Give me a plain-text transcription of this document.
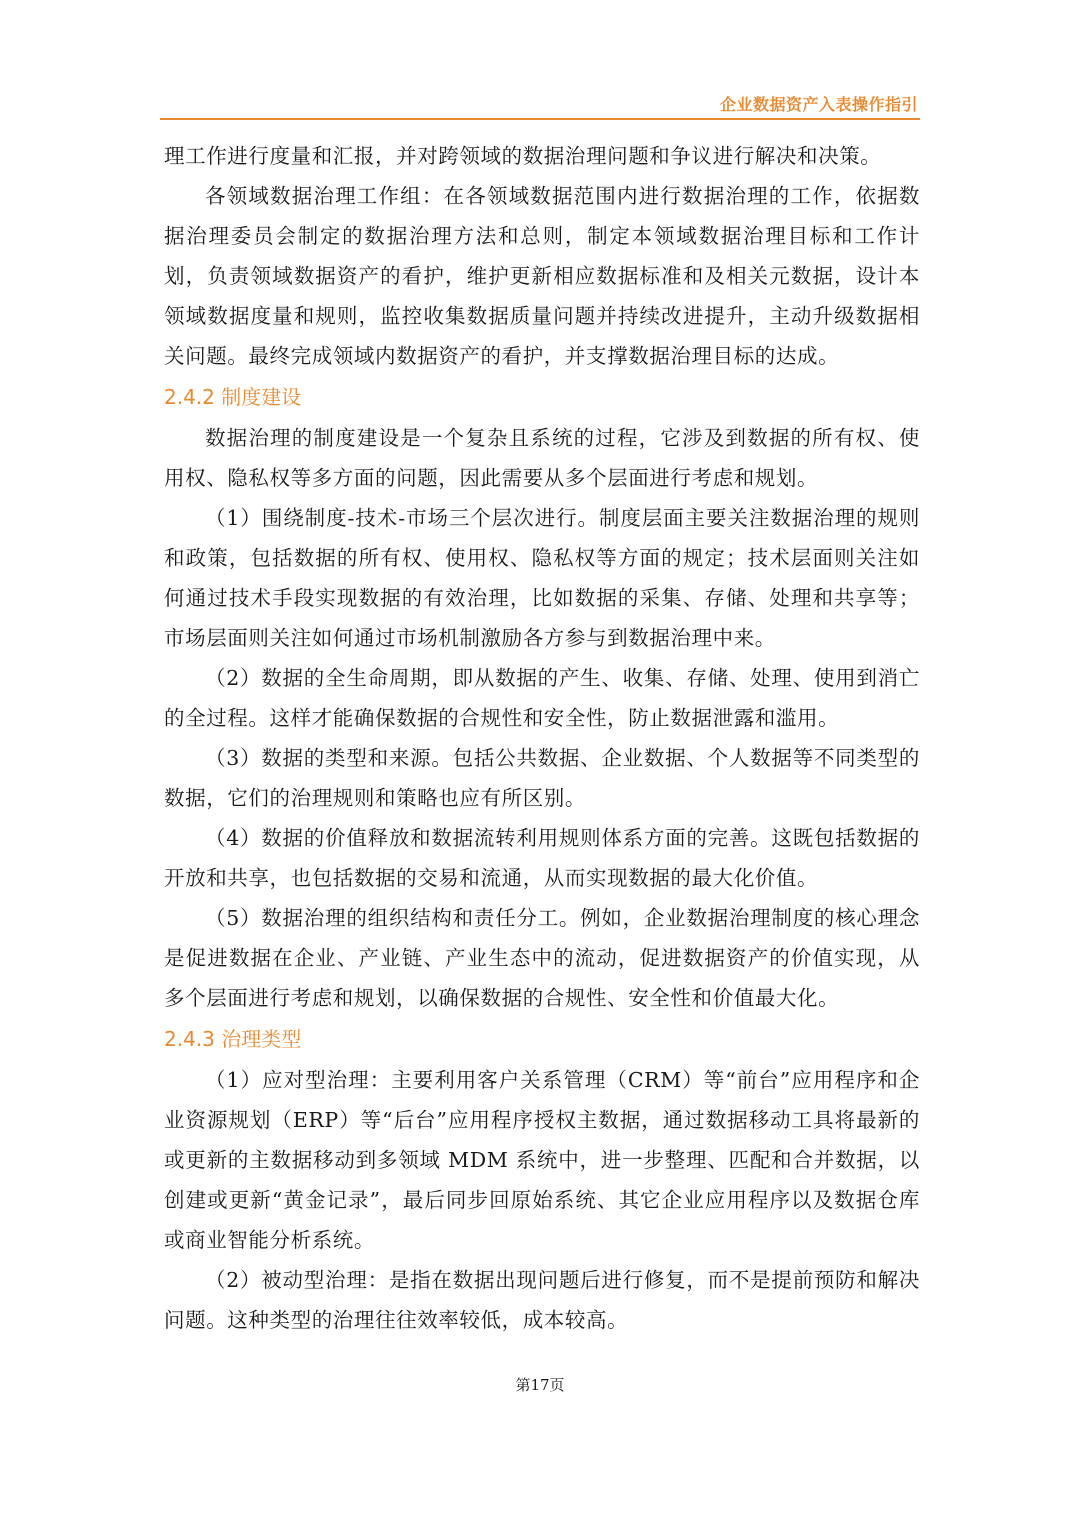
企业数据资产入表操作指引

理工作进行度量和汇报，并对跨领域的数据治理问题和争议进行解决和决策。

各领域数据治理工作组：在各领域数据范围内进行数据治理的工作，依据数据治理委员会制定的数据治理方法和总则，制定本领域数据治理目标和工作计划，负责领域数据资产的看护，维护更新相应数据标准和及相关元数据，设计本领域数据度量和规则，监控收集数据质量问题并持续改进提升，主动升级数据相关问题。最终完成领域内数据资产的看护，并支撑数据治理目标的达成。

2.4.2 制度建设

数据治理的制度建设是一个复杂且系统的过程，它涉及到数据的所有权、使用权、隐私权等多方面的问题，因此需要从多个层面进行考虑和规划。

（1）围绕制度-技术-市场三个层次进行。制度层面主要关注数据治理的规则和政策，包括数据的所有权、使用权、隐私权等方面的规定；技术层面则关注如何通过技术手段实现数据的有效治理，比如数据的采集、存储、处理和共享等；市场层面则关注如何通过市场机制激励各方参与到数据治理中来。

（2）数据的全生命周期，即从数据的产生、收集、存储、处理、使用到消亡的全过程。这样才能确保数据的合规性和安全性，防止数据泄露和滥用。

（3）数据的类型和来源。包括公共数据、企业数据、个人数据等不同类型的数据，它们的治理规则和策略也应有所区别。

（4）数据的价值释放和数据流转利用规则体系方面的完善。这既包括数据的开放和共享，也包括数据的交易和流通，从而实现数据的最大化价值。

（5）数据治理的组织结构和责任分工。例如，企业数据治理制度的核心理念是促进数据在企业、产业链、产业生态中的流动，促进数据资产的价值实现，从多个层面进行考虑和规划，以确保数据的合规性、安全性和价值最大化。

2.4.3 治理类型

（1）应对型治理：主要利用客户关系管理（CRM）等“前台”应用程序和企业资源规划（ERP）等“后台”应用程序授权主数据，通过数据移动工具将最新的或更新的主数据移动到多领域 MDM 系统中，进一步整理、匹配和合并数据，以创建或更新“黄金记录”，最后同步回原始系统、其它企业应用程序以及数据仓库或商业智能分析系统。

（2）被动型治理：是指在数据出现问题后进行修复，而不是提前预防和解决问题。这种类型的治理往往效率较低，成本较高。

第17页
